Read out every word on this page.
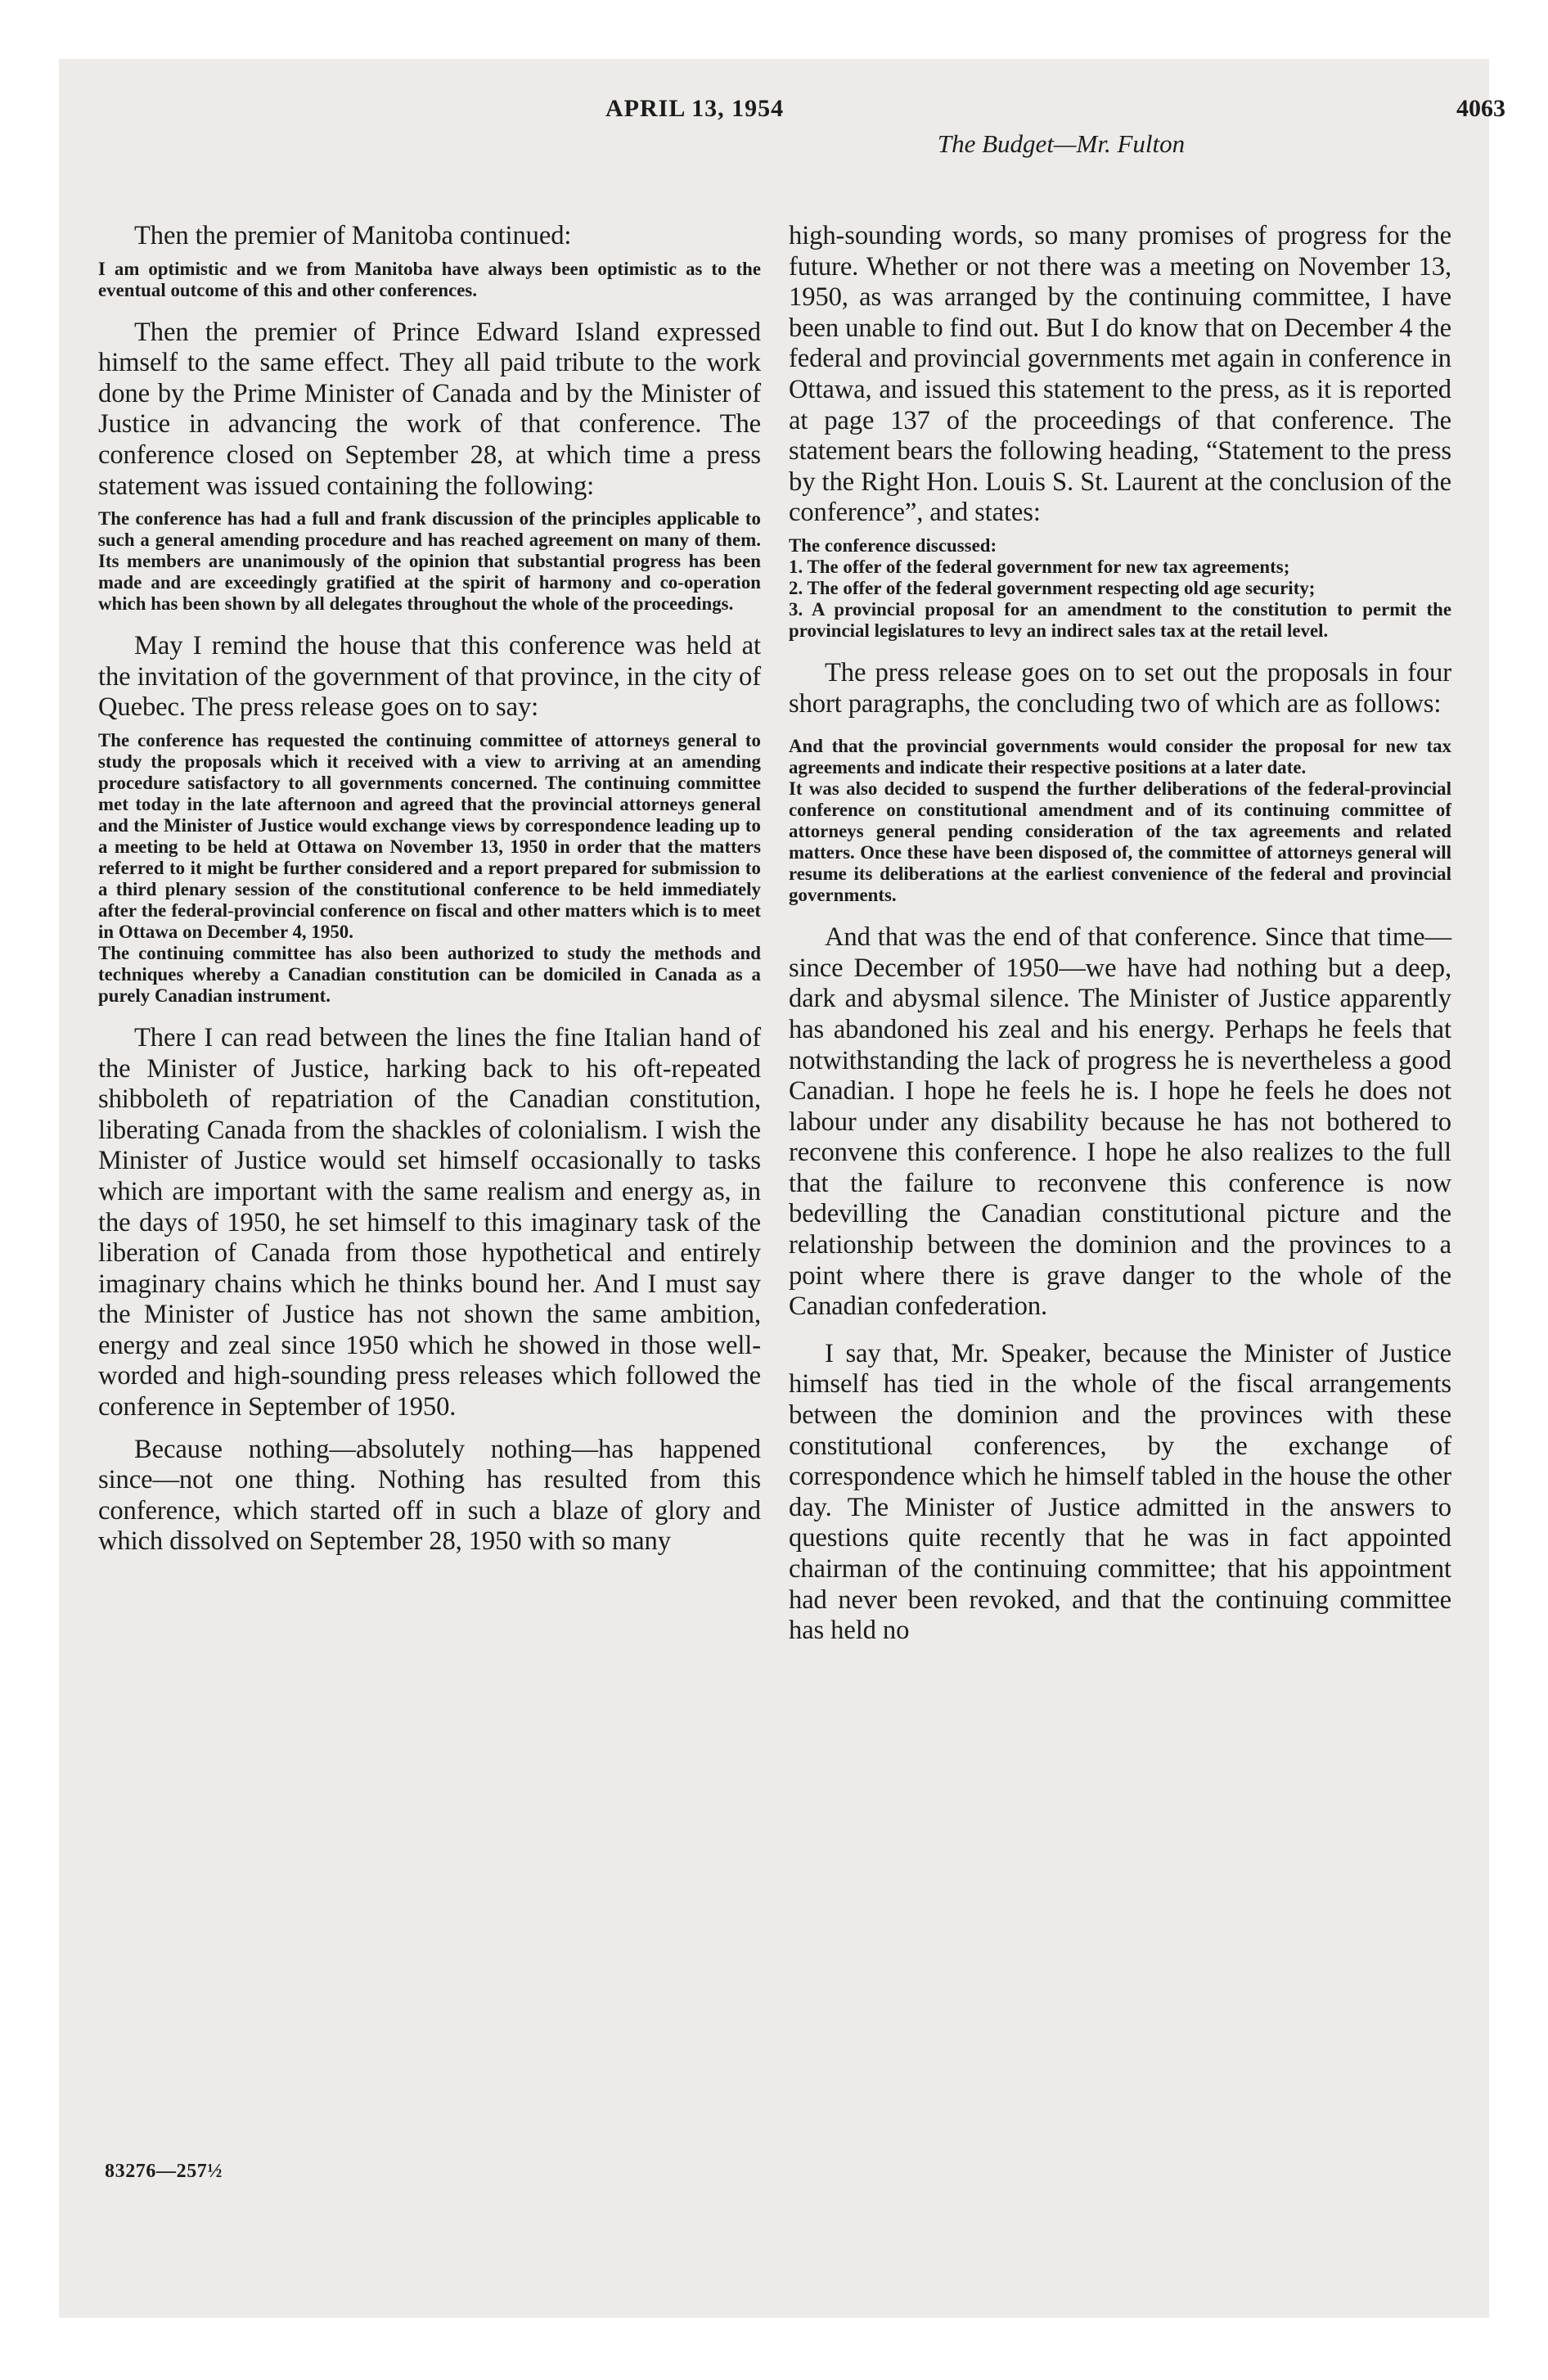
APRIL 13, 1954	4063
The Budget—Mr. Fulton

Then the premier of Manitoba continued:

I am optimistic and we from Manitoba have always been optimistic as to the eventual outcome of this and other conferences.

Then the premier of Prince Edward Island expressed himself to the same effect. They all paid tribute to the work done by the Prime Minister of Canada and by the Minister of Justice in advancing the work of that conference. The conference closed on September 28, at which time a press statement was issued containing the following:

The conference has had a full and frank discussion of the principles applicable to such a general amending procedure and has reached agreement on many of them. Its members are unanimously of the opinion that substantial progress has been made and are exceedingly gratified at the spirit of harmony and co-operation which has been shown by all delegates throughout the whole of the proceedings.

May I remind the house that this conference was held at the invitation of the government of that province, in the city of Quebec. The press release goes on to say:

The conference has requested the continuing committee of attorneys general to study the proposals which it received with a view to arriving at an amending procedure satisfactory to all governments concerned. The continuing committee met today in the late afternoon and agreed that the provincial attorneys general and the Minister of Justice would exchange views by correspondence leading up to a meeting to be held at Ottawa on November 13, 1950 in order that the matters referred to it might be further considered and a report prepared for submission to a third plenary session of the constitutional conference to be held immediately after the federal-provincial conference on fiscal and other matters which is to meet in Ottawa on December 4, 1950.

The continuing committee has also been authorized to study the methods and techniques whereby a Canadian constitution can be domiciled in Canada as a purely Canadian instrument.

There I can read between the lines the fine Italian hand of the Minister of Justice, harking back to his oft-repeated shibboleth of repatriation of the Canadian constitution, liberating Canada from the shackles of colonialism. I wish the Minister of Justice would set himself occasionally to tasks which are important with the same realism and energy as, in the days of 1950, he set himself to this imaginary task of the liberation of Canada from those hypothetical and entirely imaginary chains which he thinks bound her. And I must say the Minister of Justice has not shown the same ambition, energy and zeal since 1950 which he showed in those well-worded and high-sounding press releases which followed the conference in September of 1950.

Because nothing—absolutely nothing—has happened since—not one thing. Nothing has resulted from this conference, which started off in such a blaze of glory and which dissolved on September 28, 1950 with so many

high-sounding words, so many promises of progress for the future. Whether or not there was a meeting on November 13, 1950, as was arranged by the continuing committee, I have been unable to find out. But I do know that on December 4 the federal and provincial governments met again in conference in Ottawa, and issued this statement to the press, as it is reported at page 137 of the proceedings of that conference. The statement bears the following heading, “Statement to the press by the Right Hon. Louis S. St. Laurent at the conclusion of the conference”, and states:

The conference discussed:

1. The offer of the federal government for new tax agreements;

2. The offer of the federal government respecting old age security;

3. A provincial proposal for an amendment to the constitution to permit the provincial legislatures to levy an indirect sales tax at the retail level.

The press release goes on to set out the proposals in four short paragraphs, the concluding two of which are as follows:

And that the provincial governments would consider the proposal for new tax agreements and indicate their respective positions at a later date.

It was also decided to suspend the further deliberations of the federal-provincial conference on constitutional amendment and of its continuing committee of attorneys general pending consideration of the tax agreements and related matters. Once these have been disposed of, the committee of attorneys general will resume its deliberations at the earliest convenience of the federal and provincial governments.

And that was the end of that conference. Since that time—since December of 1950—we have had nothing but a deep, dark and abysmal silence. The Minister of Justice apparently has abandoned his zeal and his energy. Perhaps he feels that notwithstanding the lack of progress he is nevertheless a good Canadian. I hope he feels he is. I hope he feels he does not labour under any disability because he has not bothered to reconvene this conference. I hope he also realizes to the full that the failure to reconvene this conference is now bedevilling the Canadian constitutional picture and the relationship between the dominion and the provinces to a point where there is grave danger to the whole of the Canadian confederation.

I say that, Mr. Speaker, because the Minister of Justice himself has tied in the whole of the fiscal arrangements between the dominion and the provinces with these constitutional conferences, by the exchange of correspondence which he himself tabled in the house the other day. The Minister of Justice admitted in the answers to questions quite recently that he was in fact appointed chairman of the continuing committee; that his appointment had never been revoked, and that the continuing committee has held no

83276—257½
